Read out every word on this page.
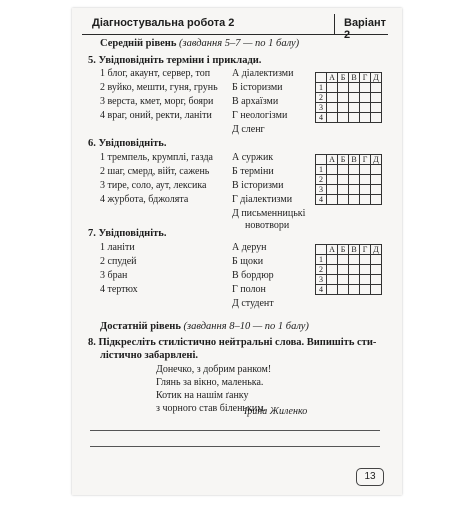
Діагностувальна робота 2	Варіант 2
Середній рівень (завдання 5–7 — по 1 балу)
5. Увідповідніть терміни і приклади.
1 блог, акаунт, сервер, топ
2 вуйко, мешти, гуня, грунь
3 верста, кмет, морг, бояри
4 враг, оний, ректи, ланіти
А діалектизми
Б історизми
В архаїзми
Г неологізми
Д сленг
	А	Б	В	Г	Д
1					
2					
3					
4					
6. Увідповідніть.
1 тремпель, крумплі, газда
2 шаг, смерд, війт, сажень
3 тире, соло, аут, лексика
4 журбота, бджолята
А суржик
Б терміни
В історизми
Г діалектизми
Д письменницькі
новотвори
	А	Б	В	Г	Д
1					
2					
3					
4					
7. Увідповідніть.
1 ланіти
2 спудей
3 бран
4 тертюх
А дерун
Б щоки
В бордюр
Г полон
Д студент
	А	Б	В	Г	Д
1					
2					
3					
4					
Достатній рівень (завдання 8–10 — по 1 балу)
8. Підкресліть стилістично нейтральні слова. Випишіть сти-
лістично забарвлені.
Донечко, з добрим ранком!
Глянь за вікно, маленька.
Котик на нашім ґанку
з чорного став біленьким.
Ірина Жиленко
13
